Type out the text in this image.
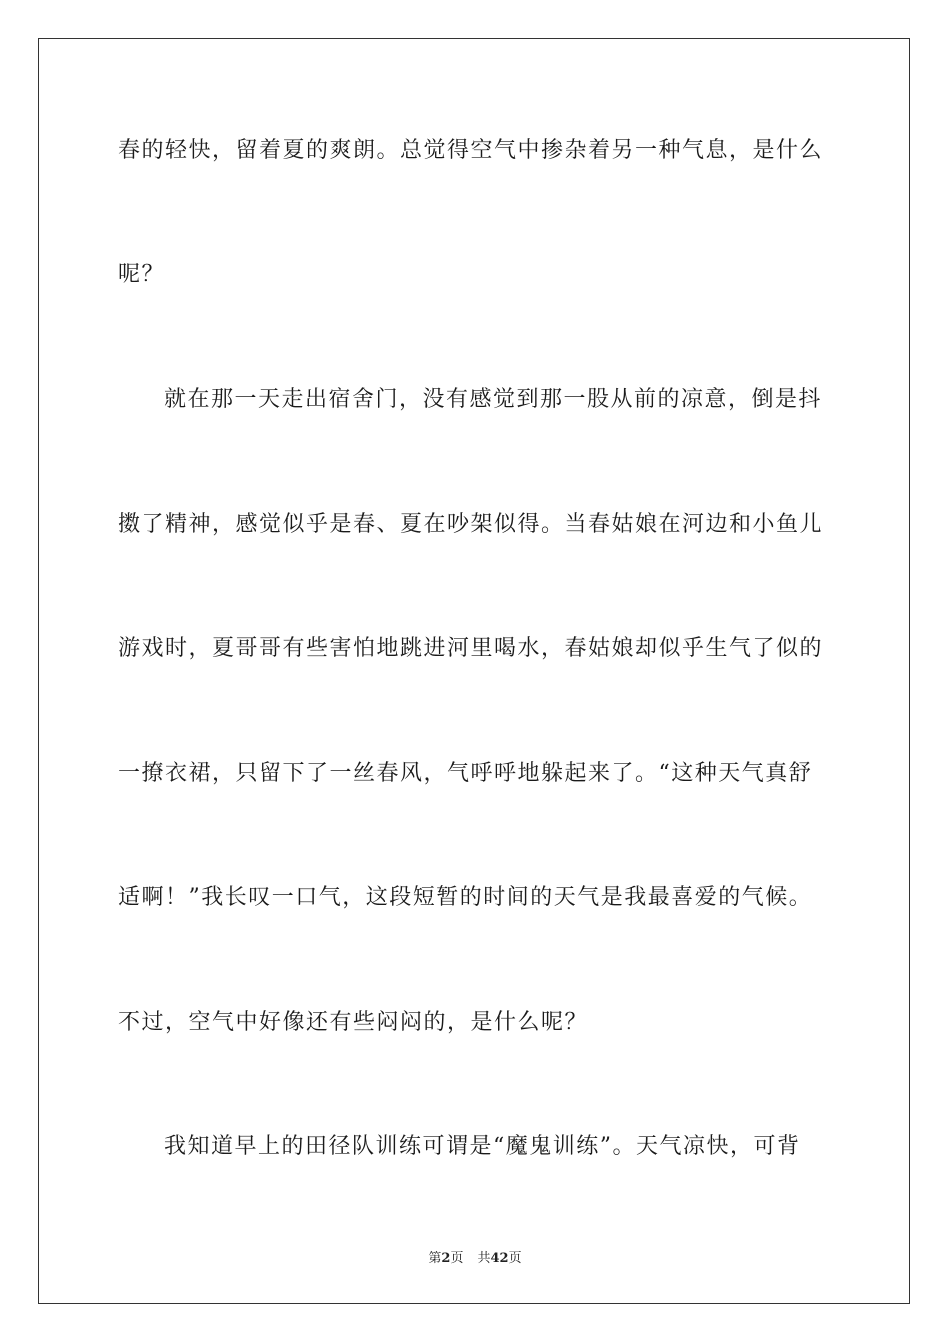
春的轻快，留着夏的爽朗。总觉得空气中掺杂着另一种气息，是什么
呢？
就在那一天走出宿舍门，没有感觉到那一股从前的凉意，倒是抖
擞了精神，感觉似乎是春、夏在吵架似得。当春姑娘在河边和小鱼儿
游戏时，夏哥哥有些害怕地跳进河里喝水，春姑娘却似乎生气了似的
一撩衣裙，只留下了一丝春风，气呼呼地躲起来了。“这种天气真舒
适啊！”我长叹一口气，这段短暂的时间的天气是我最喜爱的气候。
不过，空气中好像还有些闷闷的，是什么呢？
我知道早上的田径队训练可谓是“魔鬼训练”。天气凉快，可背
第2页 共42页
